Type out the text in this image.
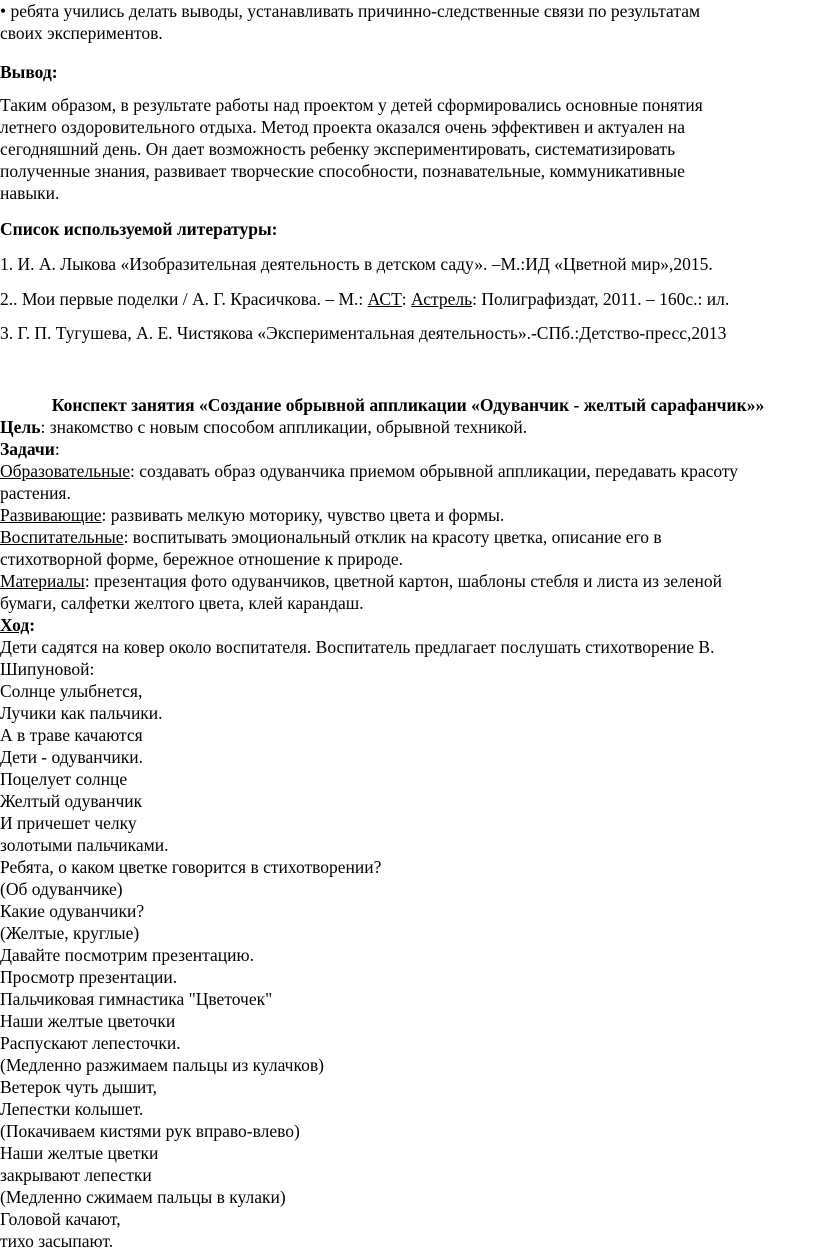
• ребята учились делать выводы, устанавливать причинно-следственные связи по результатам
своих экспериментов.
Вывод:
Таким образом, в результате работы над проектом у детей сформировались основные понятия
летнего оздоровительного отдыха. Метод проекта оказался очень эффективен и актуален на
сегодняшний день. Он дает возможность ребенку экспериментировать, систематизировать
полученные знания, развивает творческие способности, познавательные, коммуникативные
навыки.
Список используемой литературы:
1. И. А. Лыкова «Изобразительная деятельность в детском саду». –М.:ИД «Цветной мир»,2015.
2.. Мои первые поделки / А. Г. Красичкова. – М.: АСТ: Астрель: Полиграфиздат, 2011. – 160с.: ил.
3. Г. П. Тугушева, А. Е. Чистякова «Экспериментальная деятельность».-СПб.:Детство-пресс,2013
Конспект занятия «Создание обрывной аппликации «Одуванчик - желтый сарафанчик»»
Цель: знакомство с новым способом аппликации, обрывной техникой.
Задачи:
Образовательные: создавать образ одуванчика приемом обрывной аппликации, передавать красоту
растения.
Развивающие: развивать мелкую моторику, чувство цвета и формы.
Воспитательные: воспитывать эмоциональный отклик на красоту цветка, описание его в
стихотворной форме, бережное отношение к природе.
Материалы: презентация фото одуванчиков, цветной картон, шаблоны стебля и листа из зеленой
бумаги, салфетки желтого цвета, клей карандаш.
Ход:
Дети садятся на ковер около воспитателя. Воспитатель предлагает послушать стихотворение В.
Шипуновой:
Солнце улыбнется,
Лучики как пальчики.
А в траве качаются
Дети - одуванчики.
Поцелует солнце
Желтый одуванчик
И причешет челку
золотыми пальчиками.
Ребята, о каком цветке говорится в стихотворении?
(Об одуванчике)
Какие одуванчики?
(Желтые, круглые)
Давайте посмотрим презентацию.
Просмотр презентации.
Пальчиковая гимнастика "Цветочек"
Наши желтые цветочки
Распускают лепесточки.
(Медленно разжимаем пальцы из кулачков)
Ветерок чуть дышит,
Лепестки колышет.
(Покачиваем кистями рук вправо-влево)
Наши желтые цветки
закрывают лепестки
(Медленно сжимаем пальцы в кулаки)
Головой качают,
тихо засыпают.
